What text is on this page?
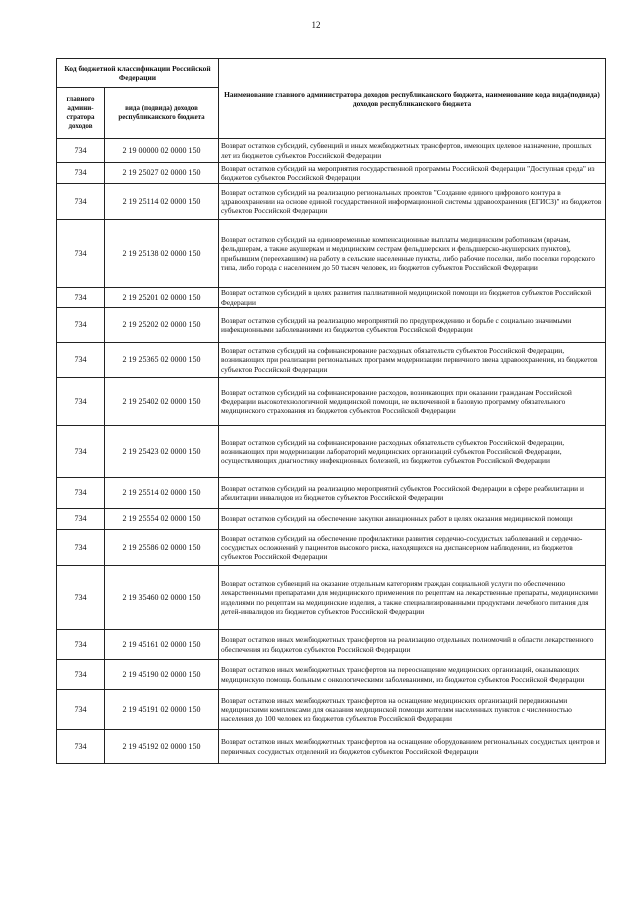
12
Код бюджетной классификации Российской Федерации		Наименование главного администратора доходов республиканского бюджета, наименование кода вида(подвида) доходов республиканского бюджета
главного админи-стратора доходов	вида (подвида) доходов республиканского бюджета	
734	2 19 00000 02 0000 150	Возврат остатков субсидий, субвенций и иных межбюджетных трансфертов, имеющих целевое назначение, прошлых лет из бюджетов субъектов Российской Федерации
734	2 19 25027 02 0000 150	Возврат остатков субсидий на мероприятия государственной программы Российской Федерации "Доступная среда" из бюджетов субъектов Российской Федерации
734	2 19 25114 02 0000 150	Возврат остатков субсидий на реализацию региональных проектов "Создание единого цифрового контура в здравоохранении на основе единой государственной информационной системы здравоохранения (ЕГИСЗ)" из бюджетов субъектов Российской Федерации
734	2 19 25138 02 0000 150	Возврат остатков субсидий на единовременные компенсационные выплаты медицинским работникам (врачам, фельдшерам, а также акушеркам и медицинским сестрам фельдшерских и фельдшерско-акушерских пунктов), прибывшим (переехавшим) на работу в сельские населенные пункты, либо рабочие поселки, либо поселки городского типа, либо города с населением до 50 тысяч человек, из бюджетов субъектов Российской Федерации
734	2 19 25201 02 0000 150	Возврат остатков субсидий в целях развития паллиативной медицинской помощи из бюджетов субъектов Российской Федерации
734	2 19 25202 02 0000 150	Возврат остатков субсидий на реализацию мероприятий по предупреждению и борьбе с социально значимыми инфекционными заболеваниями из бюджетов субъектов Российской Федерации
734	2 19 25365 02 0000 150	Возврат остатков субсидий на софинансирование расходных обязательств субъектов Российской Федерации, возникающих при реализации региональных программ модернизации первичного звена здравоохранения, из бюджетов субъектов Российской Федерации
734	2 19 25402 02 0000 150	Возврат остатков субсидий на софинансирование расходов, возникающих при оказании гражданам Российской Федерации высокотехнологичной медицинской помощи, не включенной в базовую программу обязательного медицинского страхования из бюджетов субъектов Российской Федерации
734	2 19 25423 02 0000 150	Возврат остатков субсидий на софинансирование расходных обязательств субъектов Российской Федерации, возникающих при модернизации лабораторий медицинских организаций субъектов Российской Федерации, осуществляющих диагностику инфекционных болезней, из бюджетов субъектов Российской Федерации
734	2 19 25514 02 0000 150	Возврат остатков субсидий на реализацию мероприятий субъектов Российской Федерации в сфере реабилитации и абилитации инвалидов из бюджетов субъектов Российской Федерации
734	2 19 25554 02 0000 150	Возврат остатков субсидий на обеспечение закупки авиационных работ в целях оказания медицинской помощи
734	2 19 25586 02 0000 150	Возврат остатков субсидий на обеспечение профилактики развития сердечно-сосудистых заболеваний и сердечно-сосудистых осложнений у пациентов высокого риска, находящихся на диспансерном наблюдении, из бюджетов субъектов Российской Федерации
734	2 19 35460 02 0000 150	Возврат остатков субвенций на оказание отдельным категориям граждан социальной услуги по обеспечению лекарственными препаратами для медицинского применения по рецептам на лекарственные препараты, медицинскими изделиями по рецептам на медицинские изделия, а также специализированными продуктами лечебного питания для детей-инвалидов из бюджетов субъектов Российской Федерации
734	2 19 45161 02 0000 150	Возврат остатков иных межбюджетных трансфертов на реализацию отдельных полномочий в области лекарственного обеспечения из бюджетов субъектов Российской Федерации
734	2 19 45190 02 0000 150	Возврат остатков иных межбюджетных трансфертов на переоснащение медицинских организаций, оказывающих медицинскую помощь больным с онкологическими заболеваниями, из бюджетов субъектов Российской Федерации
734	2 19 45191 02 0000 150	Возврат остатков иных межбюджетных трансфертов на оснащение медицинских организаций передвижными медицинскими комплексами для оказания медицинской помощи жителям населенных пунктов с численностью населения до 100 человек из бюджетов субъектов Российской Федерации
734	2 19 45192 02 0000 150	Возврат остатков иных межбюджетных трансфертов на оснащение оборудованием региональных сосудистых центров и первичных сосудистых отделений из бюджетов субъектов Российской Федерации
